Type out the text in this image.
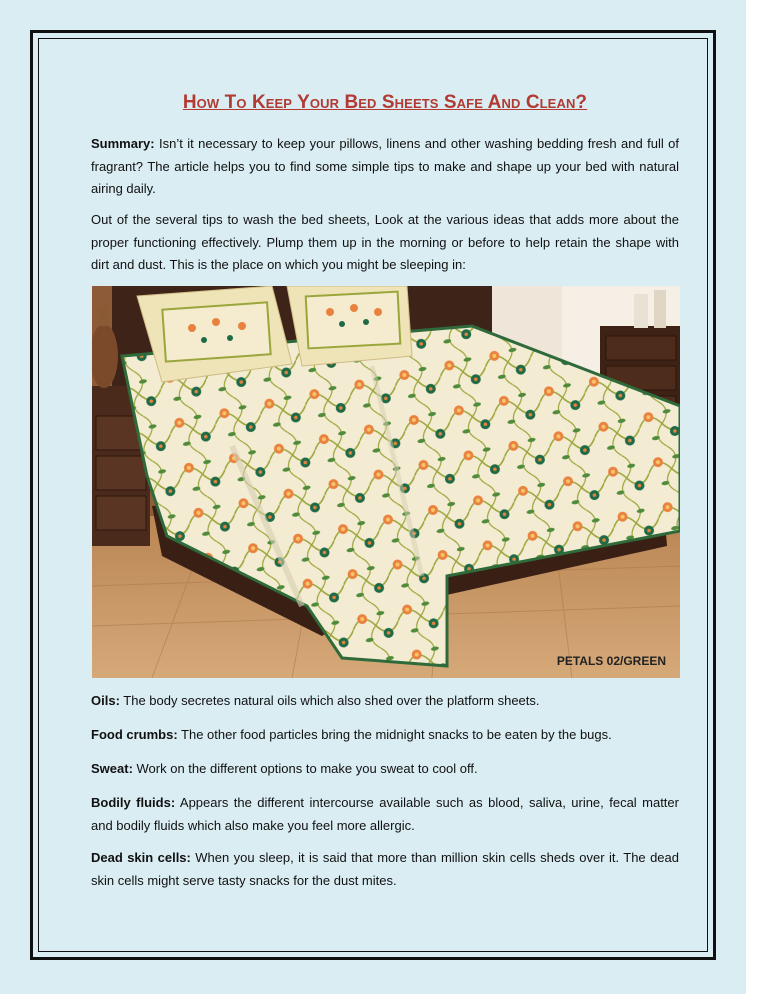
How To Keep Your Bed Sheets Safe And Clean?

Summary: Isn’t it necessary to keep your pillows, linens and other washing bedding fresh and full of fragrant? The article helps you to find some simple tips to make and shape up your bed with natural airing daily.

Out of the several tips to wash the bed sheets, Look at the various ideas that adds more about the proper functioning effectively. Plump them up in the morning or before to help retain the shape with dirt and dust. This is the place on which you might be sleeping in:

PETALS 02/GREEN

Oils: The body secretes natural oils which also shed over the platform sheets.

Food crumbs: The other food particles bring the midnight snacks to be eaten by the bugs.

Sweat: Work on the different options to make you sweat to cool off.

Bodily fluids: Appears the different intercourse available such as blood, saliva, urine, fecal matter and bodily fluids which also make you feel more allergic.

Dead skin cells: When you sleep, it is said that more than million skin cells sheds over it. The dead skin cells might serve tasty snacks for the dust mites.
